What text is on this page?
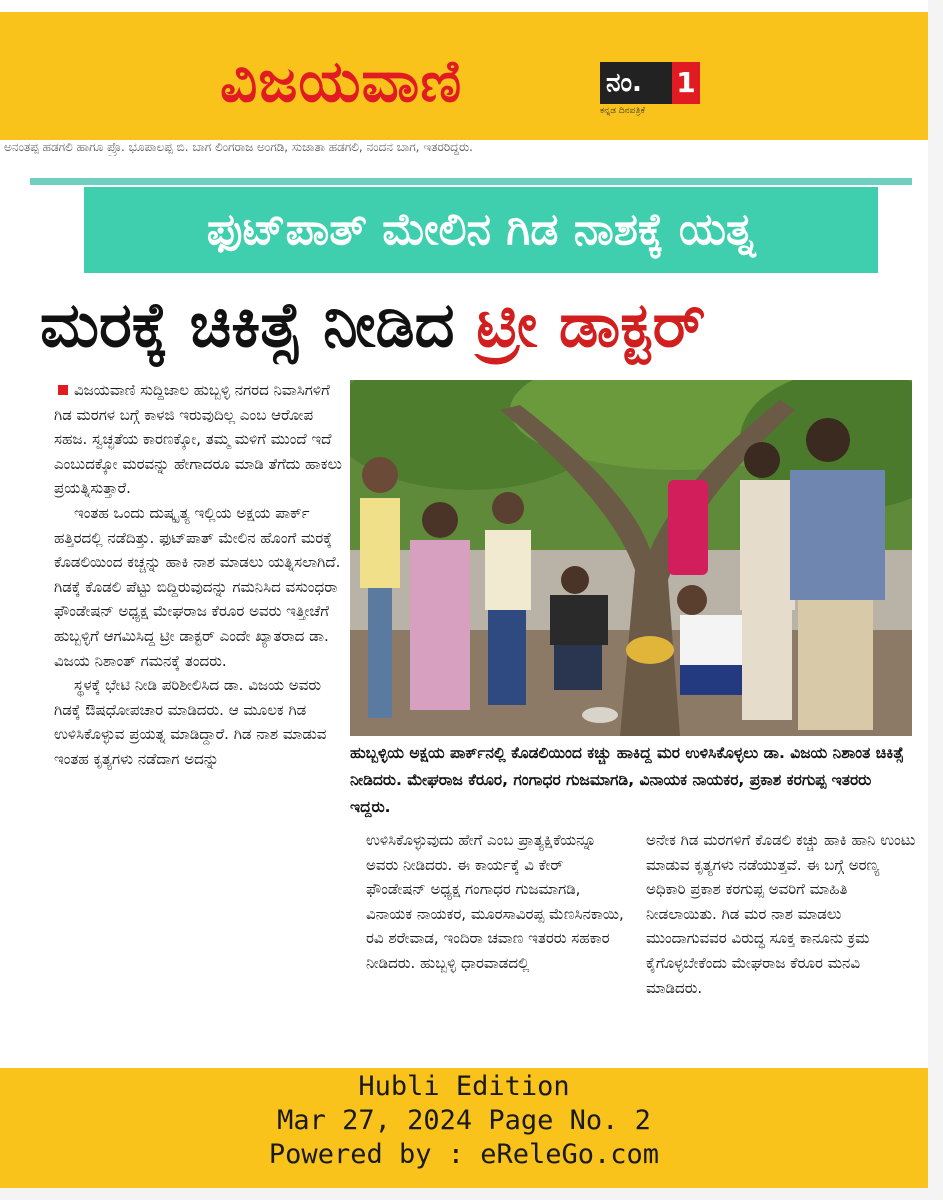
ವಿಜಯವಾಣಿ	ನಂ.	1
ಕನ್ನಡ ದಿನಪತ್ರಿಕೆ
ಅನಂತಪ್ಪ ಹಡಗಲಿ ಹಾಗೂ ಪ್ರೊ. ಭೂಪಾಲಪ್ಪ ಬಿ. ಬಾಗ ಲಿಂಗರಾಜ ಅಂಗಡಿ, ಸುಜಾತಾ ಹಡಗಲಿ, ನಂದನ ಬಾಗ, ಇತರರಿದ್ದರು.
ಫುಟ್‌ಪಾತ್ ಮೇಲಿನ ಗಿಡ ನಾಶಕ್ಕೆ ಯತ್ನ
ಮರಕ್ಕೆ ಚಿಕಿತ್ಸೆ ನೀಡಿದ ಟ್ರೀ ಡಾಕ್ಟರ್

ವಿಜಯವಾಣಿ ಸುದ್ದಿಜಾಲ ಹುಬ್ಬಳ್ಳಿ ನಗರದ ನಿವಾಸಿಗಳಿಗೆ ಗಿಡ ಮರಗಳ ಬಗ್ಗೆ ಕಾಳಜಿ ಇರುವುದಿಲ್ಲ ಎಂಬ ಆರೋಪ ಸಹಜ. ಸ್ವಚ್ಛತೆಯ ಕಾರಣಕ್ಕೋ, ತಮ್ಮ ಮಳಿಗೆ ಮುಂದೆ ಇದೆ ಎಂಬುದಕ್ಕೋ ಮರವನ್ನು ಹೇಗಾದರೂ ಮಾಡಿ ತೆಗೆದು ಹಾಕಲು ಪ್ರಯತ್ನಿಸುತ್ತಾರೆ.

ಇಂತಹ ಒಂದು ದುಷ್ಕೃತ್ಯ ಇಲ್ಲಿಯ ಅಕ್ಷಯ ಪಾರ್ಕ್ ಹತ್ತಿರದಲ್ಲಿ ನಡೆದಿತ್ತು. ಫುಟ್‌ಪಾತ್ ಮೇಲಿನ ಹೊಂಗೆ ಮರಕ್ಕೆ ಕೊಡಲಿಯಿಂದ ಕಚ್ಚನ್ನು ಹಾಕಿ ನಾಶ ಮಾಡಲು ಯತ್ನಿಸಲಾಗಿದೆ. ಗಿಡಕ್ಕೆ ಕೊಡಲಿ ಪೆಟ್ಟು ಬಿದ್ದಿರುವುದನ್ನು ಗಮನಿಸಿದ ವಸುಂಧರಾ ಫೌಂಡೇಷನ್ ಅಧ್ಯಕ್ಷ ಮೇಘರಾಜ ಕೆರೂರ ಅವರು ಇತ್ತೀಚೆಗೆ ಹುಬ್ಬಳ್ಳಿಗೆ ಆಗಮಿಸಿದ್ದ ಟ್ರೀ ಡಾಕ್ಟರ್ ಎಂದೇ ಖ್ಯಾತರಾದ ಡಾ. ವಿಜಯ ನಿಶಾಂತ್ ಗಮನಕ್ಕೆ ತಂದರು.

ಸ್ಥಳಕ್ಕೆ ಭೇಟಿ ನೀಡಿ ಪರಿಶೀಲಿಸಿದ ಡಾ. ವಿಜಯ ಅವರು ಗಿಡಕ್ಕೆ ಔಷಧೋಪಚಾರ ಮಾಡಿದರು. ಆ ಮೂಲಕ ಗಿಡ ಉಳಿಸಿಕೊಳ್ಳುವ ಪ್ರಯತ್ನ ಮಾಡಿದ್ದಾರೆ. ಗಿಡ ನಾಶ ಮಾಡುವ ಇಂತಹ ಕೃತ್ಯಗಳು ನಡೆದಾಗ ಅದನ್ನು	ಹುಬ್ಬಳ್ಳಿಯ ಅಕ್ಷಯ ಪಾರ್ಕ್‌ನಲ್ಲಿ ಕೊಡಲಿಯಿಂದ ಕಚ್ಚು ಹಾಕಿದ್ದ ಮರ ಉಳಿಸಿಕೊಳ್ಳಲು ಡಾ. ವಿಜಯ ನಿಶಾಂತ ಚಿಕಿತ್ಸೆ ನೀಡಿದರು. ಮೇಘರಾಜ ಕೆರೂರ, ಗಂಗಾಧರ ಗುಜಮಾಗಡಿ, ವಿನಾಯಕ ನಾಯಕರ, ಪ್ರಕಾಶ ಕರಗುಪ್ಪ ಇತರರು ಇದ್ದರು.

ಉಳಿಸಿಕೊಳ್ಳುವುದು ಹೇಗೆ ಎಂಬ ಪ್ರಾತ್ಯಕ್ಷಿಕೆಯನ್ನೂ ಅವರು ನೀಡಿದರು. ಈ ಕಾರ್ಯಕ್ಕೆ ವಿ ಕೇರ್ ಫೌಂಡೇಷನ್ ಅಧ್ಯಕ್ಷ ಗಂಗಾಧರ ಗುಜಮಾಗಡಿ, ವಿನಾಯಕ ನಾಯಕರ, ಮೂರಸಾವಿರಪ್ಪ ಮೆಣಸಿನಕಾಯಿ, ರವಿ ಶರೇವಾಡ, ಇಂದಿರಾ ಚವಾಣ ಇತರರು ಸಹಕಾರ ನೀಡಿದರು. ಹುಬ್ಬಳ್ಳಿ ಧಾರವಾಡದಲ್ಲಿ

ಅನೇಕ ಗಿಡ ಮರಗಳಿಗೆ ಕೊಡಲಿ ಕಚ್ಚು ಹಾಕಿ ಹಾನಿ ಉಂಟು ಮಾಡುವ ಕೃತ್ಯಗಳು ನಡೆಯುತ್ತವೆ. ಈ ಬಗ್ಗೆ ಅರಣ್ಯ ಅಧಿಕಾರಿ ಪ್ರಕಾಶ ಕರಗುಪ್ಪ ಅವರಿಗೆ ಮಾಹಿತಿ ನೀಡಲಾಯಿತು. ಗಿಡ ಮರ ನಾಶ ಮಾಡಲು ಮುಂದಾಗುವವರ ವಿರುದ್ಧ ಸೂಕ್ತ ಕಾನೂನು ಕ್ರಮ ಕೈಗೊಳ್ಳಬೇಕೆಂದು ಮೇಘರಾಜ ಕೆರೂರ ಮನವಿ ಮಾಡಿದರು.

Hubli Edition
Mar 27, 2024 Page No. 2
Powered by : eReleGo.com
